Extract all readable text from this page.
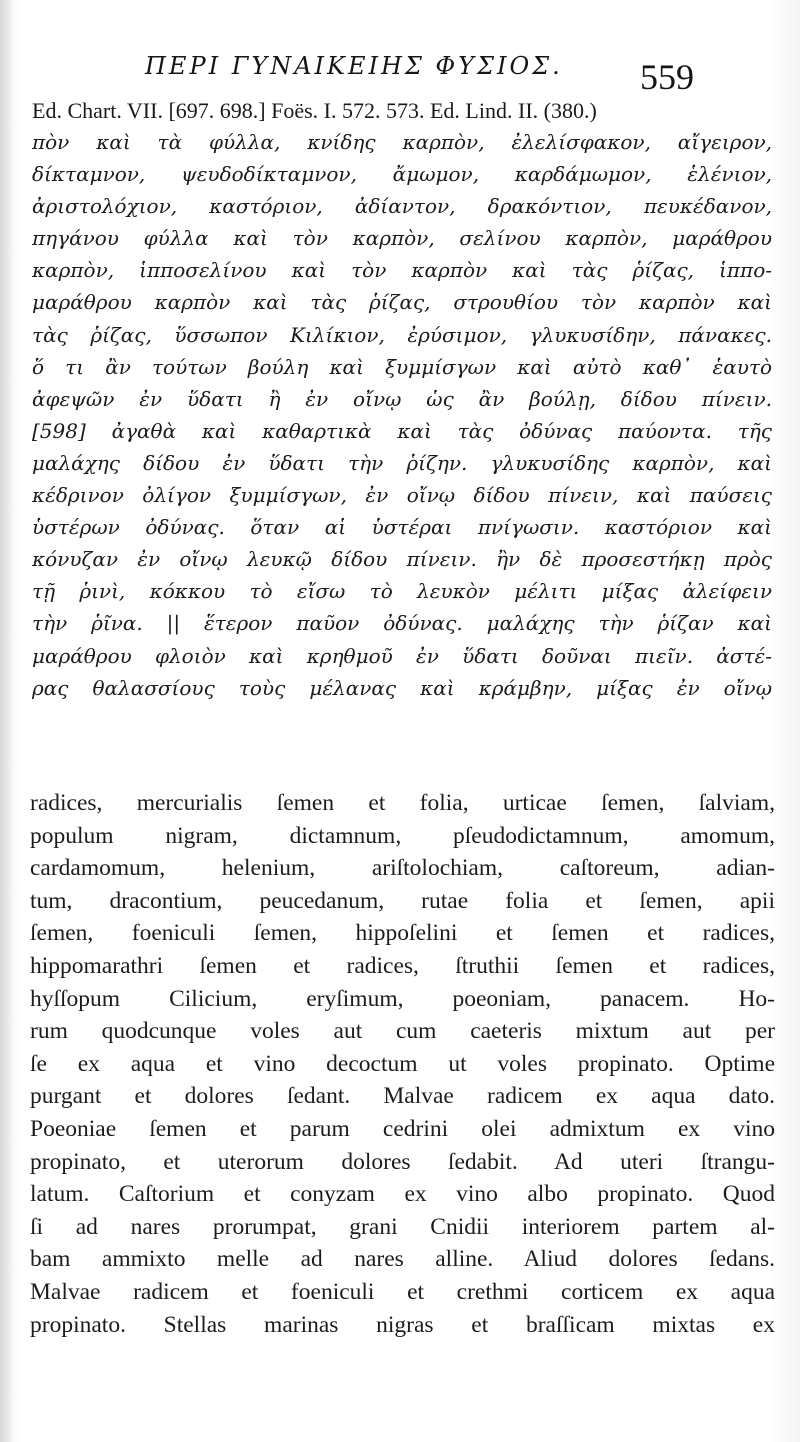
ΠΕΡΙ ΓΥΝΑΙΚΕΙΗΣ ΦΥΣΙΟΣ. 559
Ed. Chart. VII. [697. 698.] Foës. I. 572. 573. Ed. Lind. II. (380.)
πὸν καὶ τὰ φύλλα, κνίδης καρπὸν, ἐλελίσφακον, αἴγειρον,
δίκταμνον, ψευδοδίκταμνον, ἄμωμον, καρδάμωμον, ἑλένιον,
ἀριστολόχιον, καστόριον, ἀδίαντον, δρακόντιον, πευκέδανον,
πηγάνου φύλλα καὶ τὸν καρπὸν, σελίνου καρπὸν, μαράθρου
καρπὸν, ἱπποσελίνου καὶ τὸν καρπὸν καὶ τὰς ῥίζας, ἱππο-
μαράθρου καρπὸν καὶ τὰς ῥίζας, στρουθίου τὸν καρπὸν καὶ
τὰς ῥίζας, ὕσσωπον Κιλίκιον, ἐρύσιμον, γλυκυσίδην, πάνακες.
ὅ τι ἂν τούτων βούλη καὶ ξυμμίσγων καὶ αὐτὸ καθ᾿ ἑαυτὸ
ἀφεψῶν ἐν ὕδατι ἢ ἐν οἴνῳ ὡς ἂν βούλῃ, δίδου πίνειν.
[598] ἀγαθὰ καὶ καθαρτικὰ καὶ τὰς ὀδύνας παύοντα. τῆς
μαλάχης δίδου ἐν ὕδατι τὴν ῥίζην. γλυκυσίδης καρπὸν, καὶ
κέδρινον ὀλίγον ξυμμίσγων, ἐν οἴνῳ δίδου πίνειν, καὶ παύσεις
ὑστέρων ὀδύνας. ὅταν αἱ ὑστέραι πνίγωσιν. καστόριον καὶ
κόνυζαν ἐν οἴνῳ λευκῷ δίδου πίνειν. ἢν δὲ προσεστήκῃ πρὸς
τῇ ῥινὶ, κόκκου τὸ εἴσω τὸ λευκὸν μέλιτι μίξας ἀλείφειν
τὴν ῥῖνα. || ἕτερον παῦον ὀδύνας. μαλάχης τὴν ῥίζαν καὶ
μαράθρου φλοιὸν καὶ κρηθμοῦ ἐν ὕδατι δοῦναι πιεῖν. ἀστέ-
ρας θαλασσίους τοὺς μέλανας καὶ κράμβην, μίξας ἐν οἴνῳ
radices, mercurialis ſemen et folia, urticae ſemen, ſalviam,
populum nigram, dictamnum, pſeudodictamnum, amomum,
cardamomum, helenium, ariſtolochiam, caſtoreum, adian-
tum, dracontium, peucedanum, rutae folia et ſemen, apii
ſemen, foeniculi ſemen, hippoſelini et ſemen et radices,
hippomarathri ſemen et radices, ſtruthii ſemen et radices,
hyſſopum Cilicium, eryſimum, poeoniam, panacem. Ho-
rum quodcunque voles aut cum caeteris mixtum aut per
ſe ex aqua et vino decoctum ut voles propinato. Optime
purgant et dolores ſedant. Malvae radicem ex aqua dato.
Poeoniae ſemen et parum cedrini olei admixtum ex vino
propinato, et uterorum dolores ſedabit. Ad uteri ſtrangu-
latum. Caſtorium et conyzam ex vino albo propinato. Quod
ſi ad nares prorumpat, grani Cnidii interiorem partem al-
bam ammixto melle ad nares alline. Aliud dolores ſedans.
Malvae radicem et foeniculi et crethmi corticem ex aqua
propinato. Stellas marinas nigras et braſſicam mixtas ex
